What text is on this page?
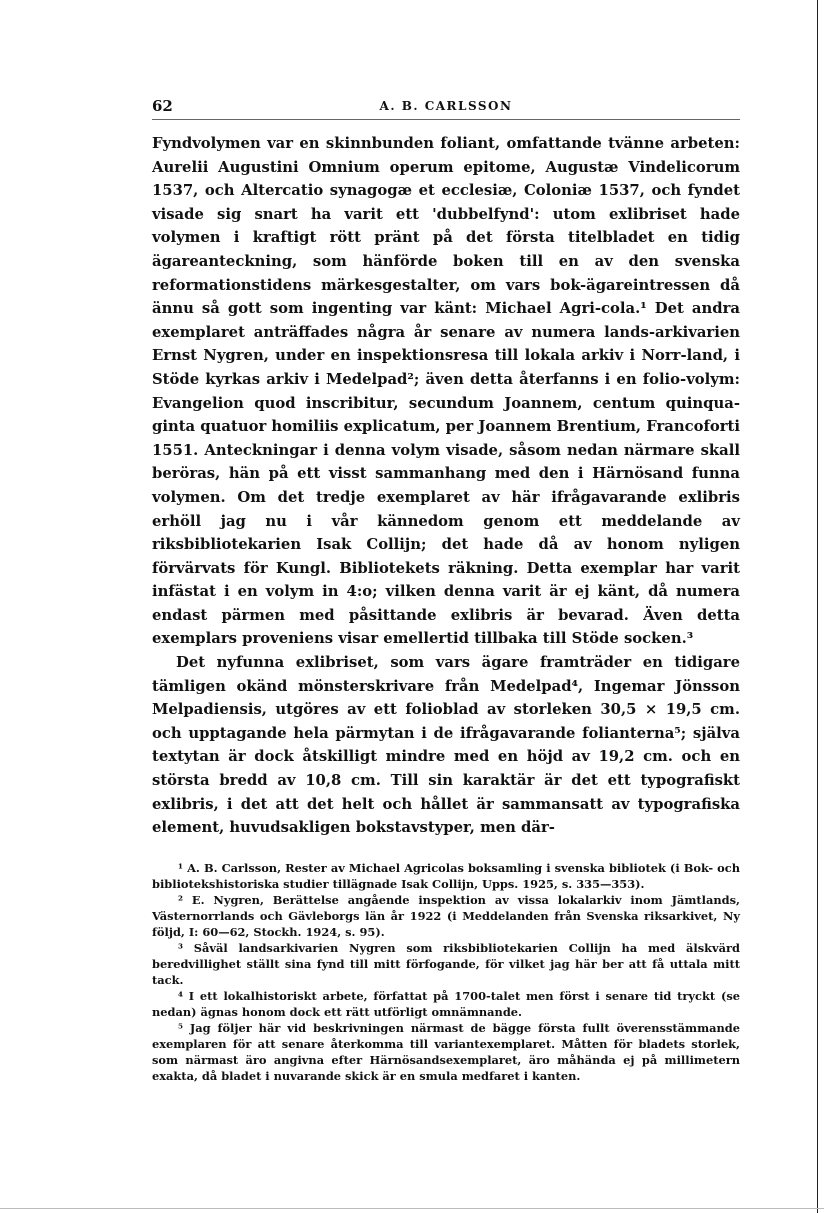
62	A. B. CARLSSON

Fyndvolymen var en skinnbunden foliant, omfattande tvänne arbeten: Aurelii Augustini Omnium operum epitome, Augustæ Vindelicorum 1537, och Altercatio synagogæ et ecclesiæ, Coloniæ 1537, och fyndet visade sig snart ha varit ett 'dubbelfynd': utom exlibriset hade volymen i kraftigt rött pränt på det första titelbladet en tidig ägareanteckning, som hänförde boken till en av den svenska reformationstidens märkesgestalter, om vars bok-ägareintressen då ännu så gott som ingenting var känt: Michael Agri-cola.¹ Det andra exemplaret anträffades några år senare av numera lands-arkivarien Ernst Nygren, under en inspektionsresa till lokala arkiv i Norr-land, i Stöde kyrkas arkiv i Medelpad²; även detta återfanns i en folio-volym: Evangelion quod inscribitur, secundum Joannem, centum quinqua-ginta quatuor homiliis explicatum, per Joannem Brentium, Francoforti 1551. Anteckningar i denna volym visade, såsom nedan närmare skall beröras, hän på ett visst sammanhang med den i Härnösand funna volymen. Om det tredje exemplaret av här ifrågavarande exlibris erhöll jag nu i vår kännedom genom ett meddelande av riksbibliotekarien Isak Collijn; det hade då av honom nyligen förvärvats för Kungl. Bibliotekets räkning. Detta exemplar har varit infästat i en volym in 4:o; vilken denna varit är ej känt, då numera endast pärmen med påsittande exlibris är bevarad. Även detta exemplars proveniens visar emellertid tillbaka till Stöde socken.³

Det nyfunna exlibriset, som vars ägare framträder en tidigare tämligen okänd mönsterskrivare från Medelpad⁴, Ingemar Jönsson Melpadiensis, utgöres av ett folioblad av storleken 30,5 × 19,5 cm. och upptagande hela pärmytan i de ifrågavarande folianterna⁵; själva textytan är dock åtskilligt mindre med en höjd av 19,2 cm. och en största bredd av 10,8 cm. Till sin karaktär är det ett typografiskt exlibris, i det att det helt och hållet är sammansatt av typografiska element, huvudsakligen bokstavstyper, men där-

¹ A. B. Carlsson, Rester av Michael Agricolas boksamling i svenska bibliotek (i Bok- och bibliotekshistoriska studier tillägnade Isak Collijn, Upps. 1925, s. 335—353).

² E. Nygren, Berättelse angående inspektion av vissa lokalarkiv inom Jämtlands, Västernorrlands och Gävleborgs län år 1922 (i Meddelanden från Svenska riksarkivet, Ny följd, I: 60—62, Stockh. 1924, s. 95).

³ Såväl landsarkivarien Nygren som riksbibliotekarien Collijn ha med älskvärd beredvillighet ställt sina fynd till mitt förfogande, för vilket jag här ber att få uttala mitt tack.

⁴ I ett lokalhistoriskt arbete, författat på 1700-talet men först i senare tid tryckt (se nedan) ägnas honom dock ett rätt utförligt omnämnande.

⁵ Jag följer här vid beskrivningen närmast de bägge första fullt överensstämmande exemplaren för att senare återkomma till variantexemplaret. Måtten för bladets storlek, som närmast äro angivna efter Härnösandsexemplaret, äro måhända ej på millimetern exakta, då bladet i nuvarande skick är en smula medfaret i kanten.
